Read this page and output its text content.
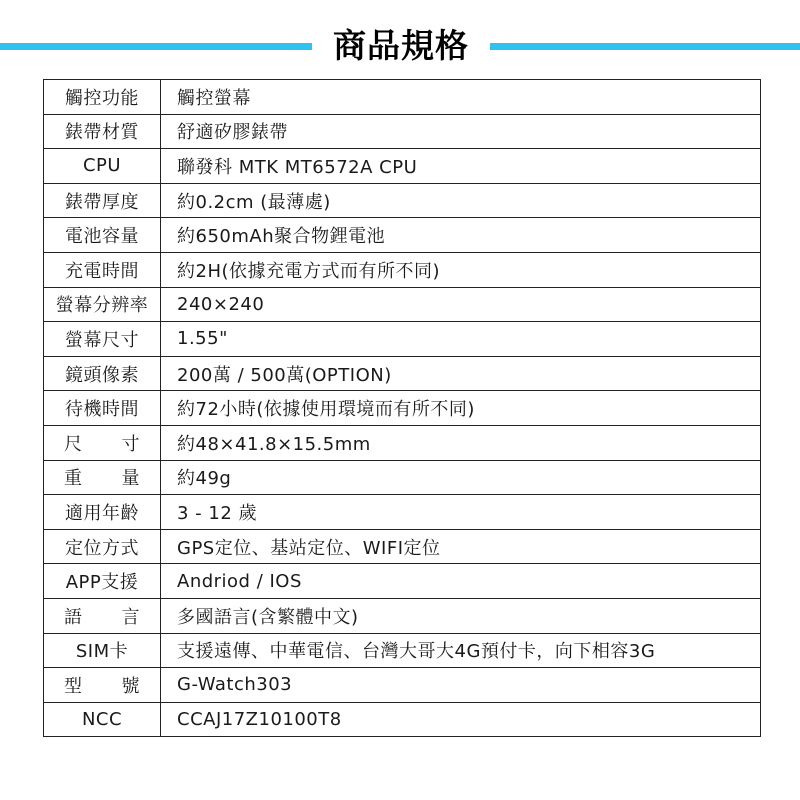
商品規格
觸控功能	觸控螢幕
錶帶材質	舒適矽膠錶帶
CPU	聯發科 MTK MT6572A CPU
錶帶厚度	約0.2cm (最薄處)
電池容量	約650mAh聚合物鋰電池
充電時間	約2H(依據充電方式而有所不同)
螢幕分辨率	240×240
螢幕尺寸	1.55"
鏡頭像素	200萬 / 500萬(OPTION)
待機時間	約72小時(依據使用環境而有所不同)

尺 寸	約48×41.8×15.5mm

重 量	約49g
適用年齡	3 - 12 歲
定位方式	GPS定位、基站定位、WIFI定位
APP支援	Andriod / IOS

語 言	多國語言(含繁體中文)
SIM卡	支援遠傳、中華電信、台灣大哥大4G預付卡，向下相容3G

型 號	G-Watch303
NCC	CCAJ17Z10100T8
